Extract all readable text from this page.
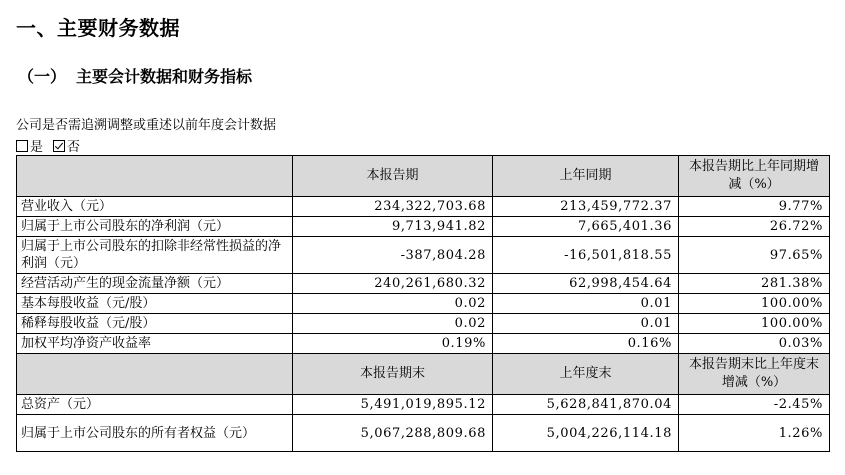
一、主要财务数据
（一） 主要会计数据和财务指标
公司是否需追溯调整或重述以前年度会计数据
是 否
	本报告期	上年同期	本报告期比上年同期增减（%）
营业收入（元）	234,322,703.68	213,459,772.37	9.77%
归属于上市公司股东的净利润（元）	9,713,941.82	7,665,401.36	26.72%
归属于上市公司股东的扣除非经常性损益的净利润（元）	-387,804.28	-16,501,818.55	97.65%
经营活动产生的现金流量净额（元）	240,261,680.32	62,998,454.64	281.38%
基本每股收益（元/股）	0.02	0.01	100.00%
稀释每股收益（元/股）	0.02	0.01	100.00%
加权平均净资产收益率	0.19%	0.16%	0.03%
	本报告期末	上年度末	本报告期末比上年度末增减（%）
总资产（元）	5,491,019,895.12	5,628,841,870.04	-2.45%
归属于上市公司股东的所有者权益（元）	5,067,288,809.68	5,004,226,114.18	1.26%
